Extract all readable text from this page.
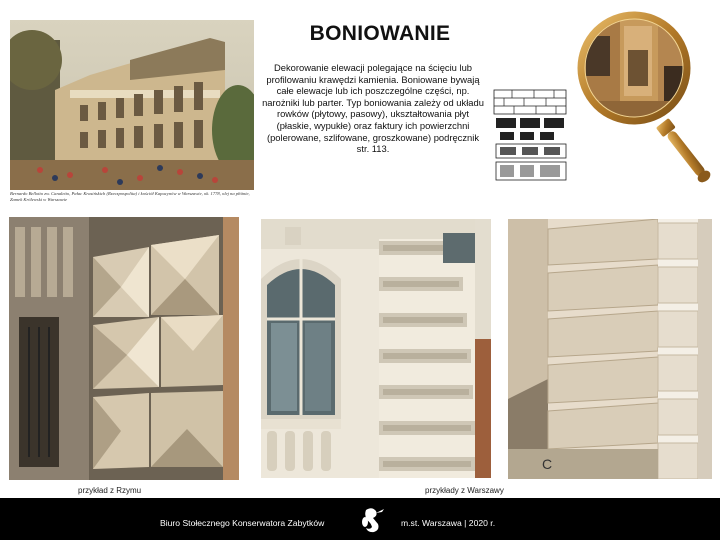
Bernardo Bellotto zw. Canaletto, Pałac Krasińskich (Rzeczpospolita) i kościół Kapucynów w Warszawie, ok. 1778, olej na płótnie, Zamek Królewski w Warszawie
BONIOWANIE
Dekorowanie elewacji polegające na ścięciu lub profilowaniu krawędzi kamienia. Boniowane bywają całe elewacje lub ich poszczególne części, np. narożniki lub parter. Typ boniowania zależy od układu rowków (płytowy, pasowy), ukształtowania płyt (płaskie, wypukłe) oraz faktury ich powierzchni (polerowane, szlifowane, groszkowane) podręcznik str. 113.
C
przykład z Rzymu	przykłady z Warszawy
Biuro Stołecznego Konserwatora Zabytków	m.st. Warszawa | 2020 r.
